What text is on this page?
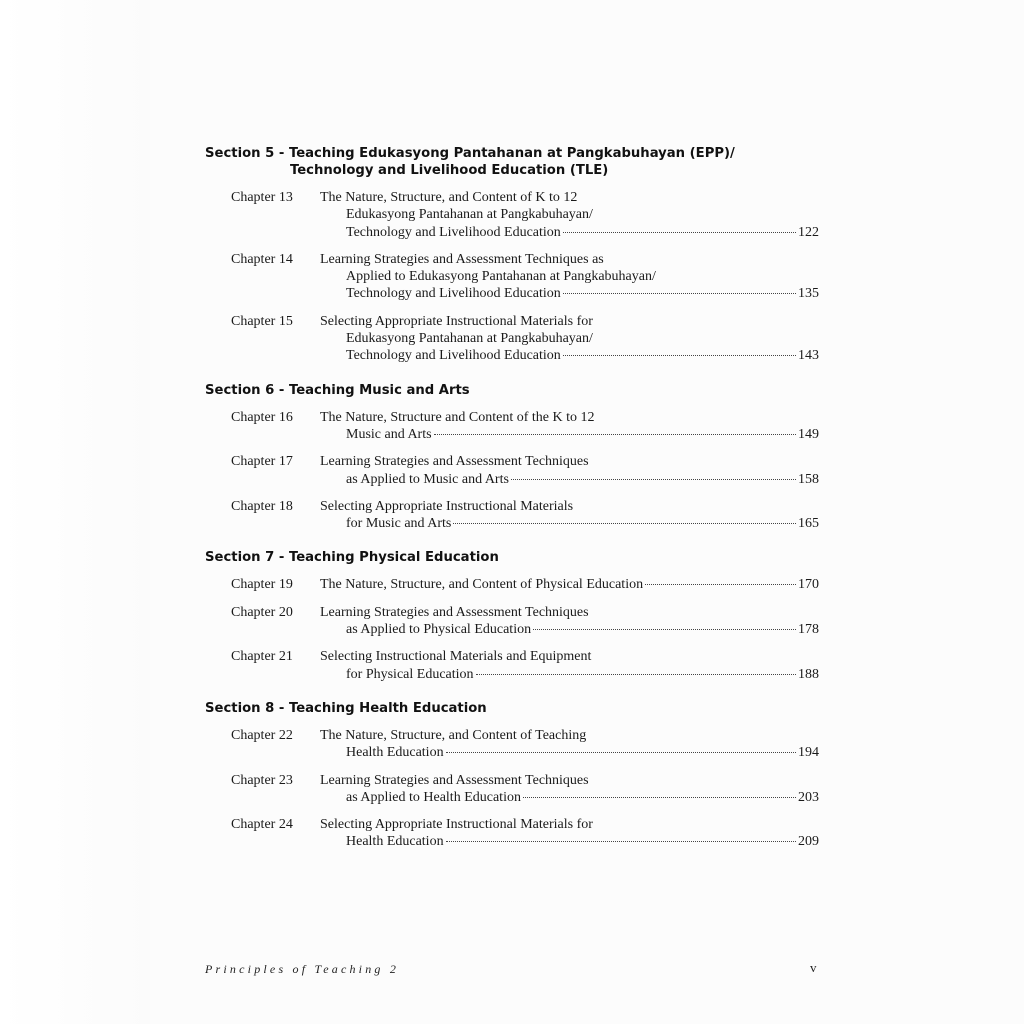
Section 5 - Teaching Edukasyong Pantahanan at Pangkabuhayan (EPP)/
Technology and Livelihood Education (TLE)
Chapter 13 The Nature, Structure, and Content of K to 12
Edukasyong Pantahanan at Pangkabuhayan/
Technology and Livelihood Education	122
Chapter 14 Learning Strategies and Assessment Techniques as
Applied to Edukasyong Pantahanan at Pangkabuhayan/
Technology and Livelihood Education	135
Chapter 15 Selecting Appropriate Instructional Materials for
Edukasyong Pantahanan at Pangkabuhayan/
Technology and Livelihood Education	143
Section 6 - Teaching Music and Arts
Chapter 16 The Nature, Structure and Content of the K to 12
Music and Arts	149
Chapter 17 Learning Strategies and Assessment Techniques
as Applied to Music and Arts	158
Chapter 18 Selecting Appropriate Instructional Materials
for Music and Arts	165
Section 7 - Teaching Physical Education
Chapter 19 The Nature, Structure, and Content of Physical Education	170
Chapter 20 Learning Strategies and Assessment Techniques
as Applied to Physical Education	178
Chapter 21 Selecting Instructional Materials and Equipment
for Physical Education	188
Section 8 - Teaching Health Education
Chapter 22 The Nature, Structure, and Content of Teaching
Health Education	194
Chapter 23 Learning Strategies and Assessment Techniques
as Applied to Health Education	203
Chapter 24 Selecting Appropriate Instructional Materials for
Health Education	209
Principles of Teaching 2	v
